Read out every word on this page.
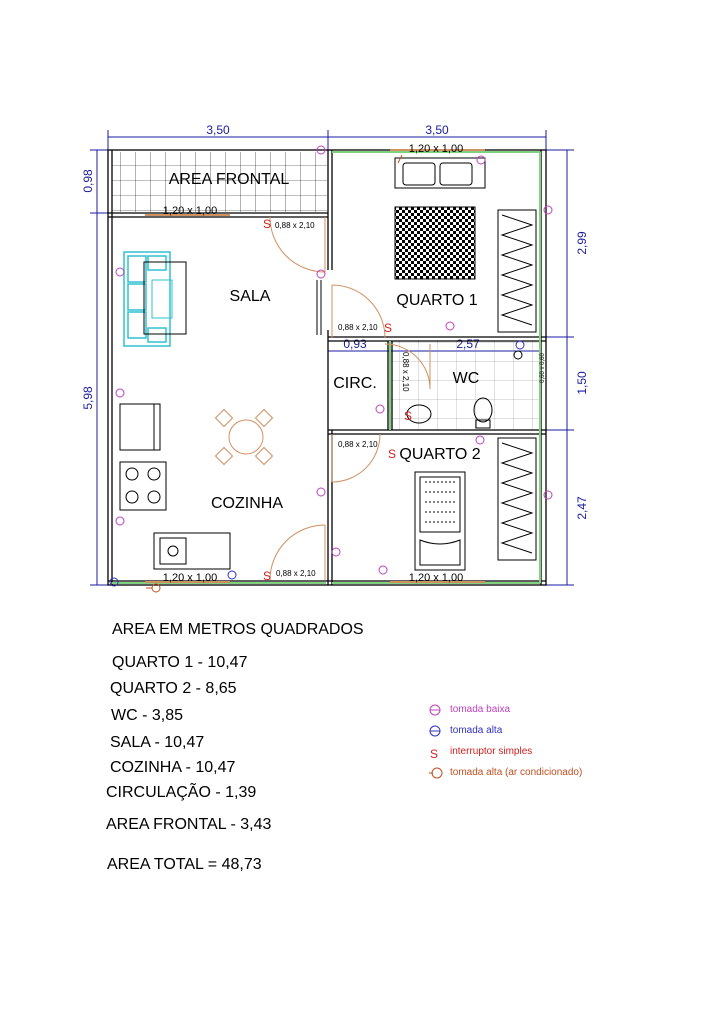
3,50	3,50
0,98
5,98
2,99
1,50
2,47
0,93
1,20 x 1,00
1,20 x 1,00
1,20 x 1,00	1,20 x 1,00
0,88 x 2,10
0,88 x 2,10
0,88 x 2,10
0,88 x 2,10
0,88 x 2,10
0,60 x 0,60
AREA FRONTAL
SALA	QUARTO 1
CIRC.	WC
QUARTO 2
COZINHA
S
S
S
S
S
AREA EM METROS QUADRADOS
QUARTO 1 - 10,47
QUARTO 2 - 8,65
WC - 3,85
SALA - 10,47
COZINHA - 10,47
CIRCULAÇÃO - 1,39
AREA FRONTAL - 3,43
AREA TOTAL = 48,73
S
tomada baixa
tomada alta
interruptor simples
tomada alta (ar condicionado)
